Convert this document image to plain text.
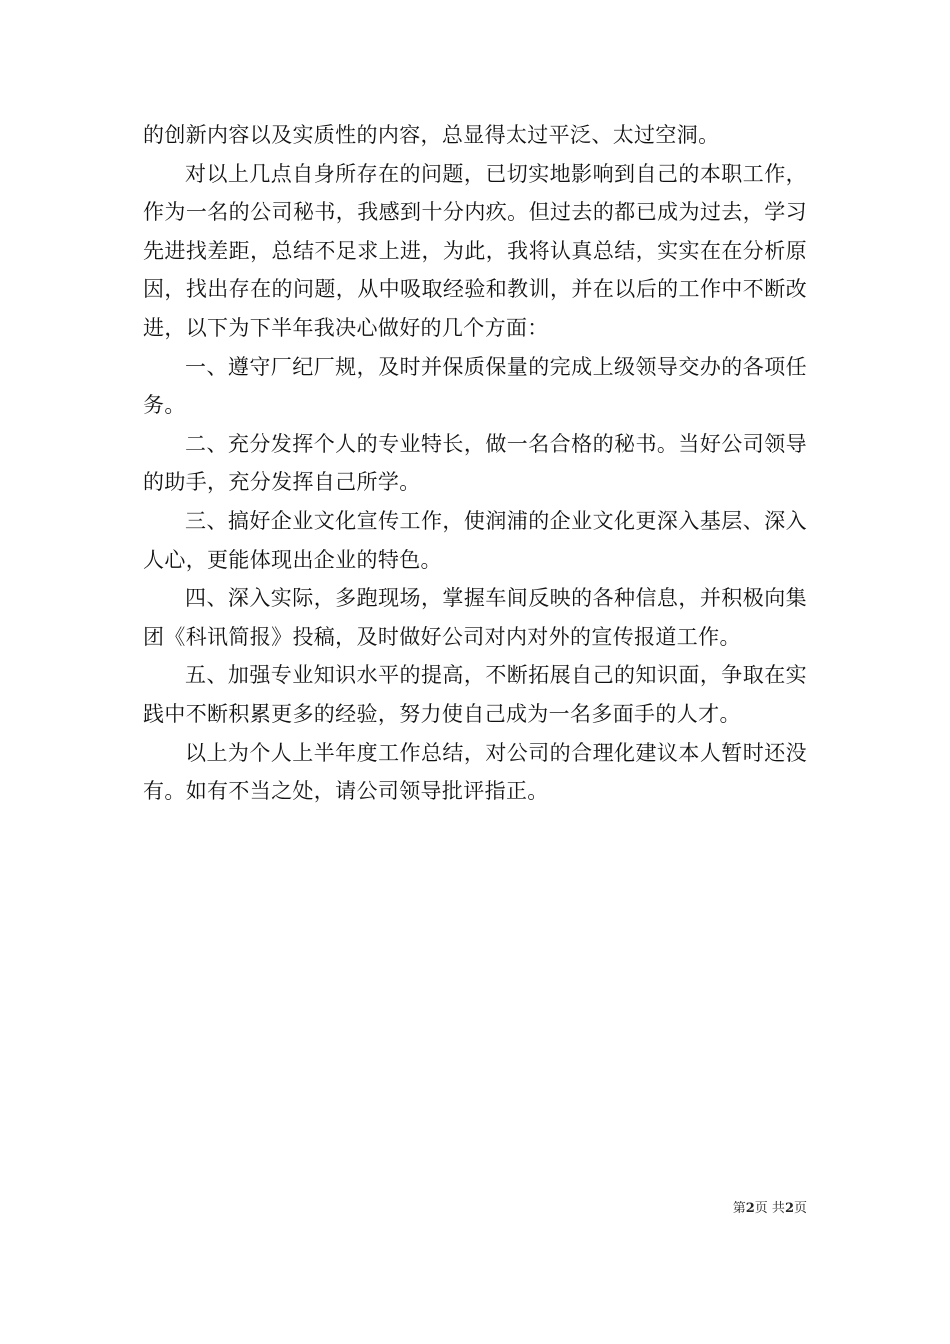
的创新内容以及实质性的内容，总显得太过平泛、太过空洞。

对以上几点自身所存在的问题，已切实地影响到自己的本职工作，作为一名的公司秘书，我感到十分内疚。但过去的都已成为过去，学习先进找差距，总结不足求上进，为此，我将认真总结，实实在在分析原因，找出存在的问题，从中吸取经验和教训，并在以后的工作中不断改进，以下为下半年我决心做好的几个方面：

一、遵守厂纪厂规，及时并保质保量的完成上级领导交办的各项任务。

二、充分发挥个人的专业特长，做一名合格的秘书。当好公司领导的助手，充分发挥自己所学。

三、搞好企业文化宣传工作，使润浦的企业文化更深入基层、深入人心，更能体现出企业的特色。

四、深入实际，多跑现场，掌握车间反映的各种信息，并积极向集团《科讯简报》投稿，及时做好公司对内对外的宣传报道工作。

五、加强专业知识水平的提高，不断拓展自己的知识面，争取在实践中不断积累更多的经验，努力使自己成为一名多面手的人才。

以上为个人上半年度工作总结，对公司的合理化建议本人暂时还没有。如有不当之处，请公司领导批评指正。

第2页 共2页
